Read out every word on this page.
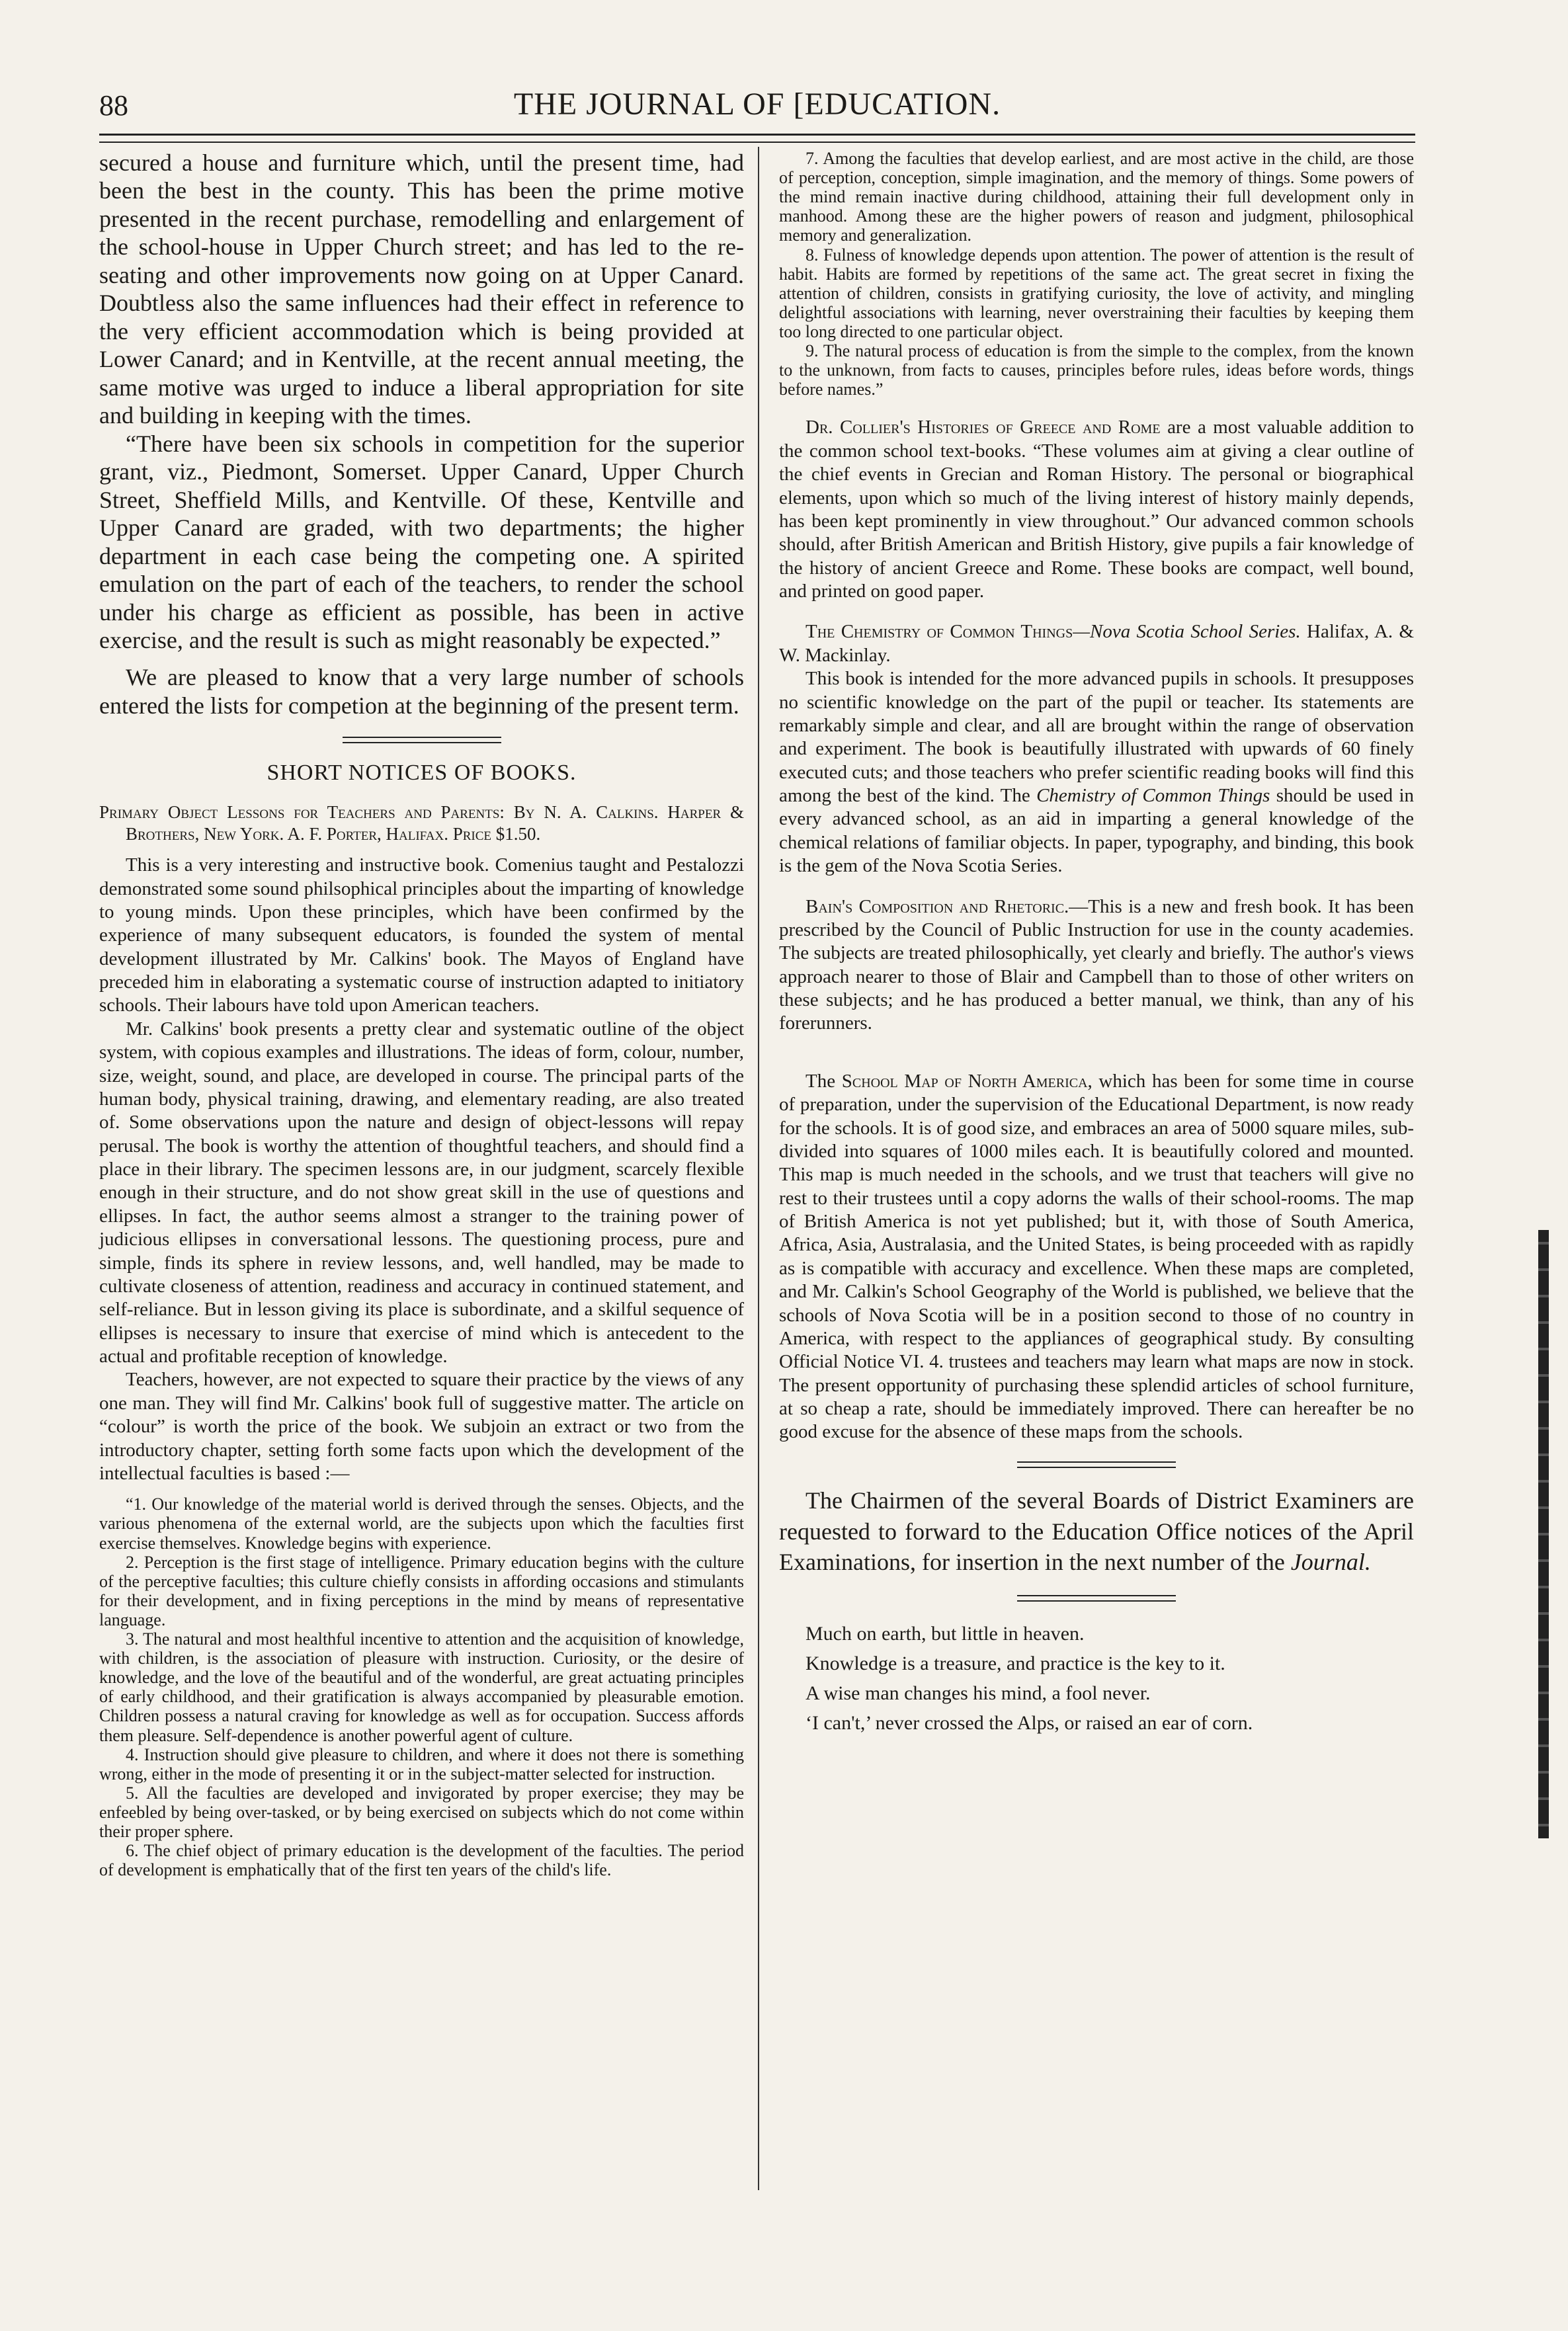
88	THE JOURNAL OF [EDUCATION.

secured a house and furniture which, until the present time, had been the best in the county. This has been the prime motive presented in the recent purchase, remodelling and enlargement of the school-house in Upper Church street; and has led to the re-seating and other improvements now going on at Upper Canard. Doubtless also the same influences had their effect in reference to the very efficient accommodation which is being provided at Lower Canard; and in Kentville, at the recent annual meeting, the same motive was urged to induce a liberal appropriation for site and building in keeping with the times.

“There have been six schools in competition for the superior grant, viz., Piedmont, Somerset. Upper Canard, Upper Church Street, Sheffield Mills, and Kentville. Of these, Kentville and Upper Canard are graded, with two departments; the higher department in each case being the competing one. A spirited emulation on the part of each of the teachers, to render the school under his charge as efficient as possible, has been in active exercise, and the result is such as might reasonably be expected.”

We are pleased to know that a very large number of schools entered the lists for competion at the beginning of the present term.

SHORT NOTICES OF BOOKS.

Primary Object Lessons for Teachers and Parents: By N. A. Calkins. Harper & Brothers, New York. A. F. Porter, Halifax. Price $1.50.

This is a very interesting and instructive book. Comenius taught and Pestalozzi demonstrated some sound philsophical principles about the imparting of knowledge to young minds. Upon these principles, which have been confirmed by the experience of many subsequent educators, is founded the system of mental development illustrated by Mr. Calkins' book. The Mayos of England have preceded him in elaborating a systematic course of instruction adapted to initiatory schools. Their labours have told upon American teachers.

Mr. Calkins' book presents a pretty clear and systematic outline of the object system, with copious examples and illustrations. The ideas of form, colour, number, size, weight, sound, and place, are developed in course. The principal parts of the human body, physical training, drawing, and elementary reading, are also treated of. Some observations upon the nature and design of object-lessons will repay perusal. The book is worthy the attention of thoughtful teachers, and should find a place in their library. The specimen lessons are, in our judgment, scarcely flexible enough in their structure, and do not show great skill in the use of questions and ellipses. In fact, the author seems almost a stranger to the training power of judicious ellipses in conversational lessons. The questioning process, pure and simple, finds its sphere in review lessons, and, well handled, may be made to cultivate closeness of attention, readiness and accuracy in continued statement, and self-reliance. But in lesson giving its place is subordinate, and a skilful sequence of ellipses is necessary to insure that exercise of mind which is antecedent to the actual and profitable reception of knowledge.

Teachers, however, are not expected to square their practice by the views of any one man. They will find Mr. Calkins' book full of suggestive matter. The article on “colour” is worth the price of the book. We subjoin an extract or two from the introductory chapter, setting forth some facts upon which the development of the intellectual faculties is based :—

“1. Our knowledge of the material world is derived through the senses. Objects, and the various phenomena of the external world, are the subjects upon which the faculties first exercise themselves. Knowledge begins with experience.

2. Perception is the first stage of intelligence. Primary education begins with the culture of the perceptive faculties; this culture chiefly consists in affording occasions and stimulants for their development, and in fixing perceptions in the mind by means of representative language.

3. The natural and most healthful incentive to attention and the acquisition of knowledge, with children, is the association of pleasure with instruction. Curiosity, or the desire of knowledge, and the love of the beautiful and of the wonderful, are great actuating principles of early childhood, and their gratification is always accompanied by pleasurable emotion. Children possess a natural craving for knowledge as well as for occupation. Success affords them pleasure. Self-dependence is another powerful agent of culture.

4. Instruction should give pleasure to children, and where it does not there is something wrong, either in the mode of presenting it or in the subject-matter selected for instruction.

5. All the faculties are developed and invigorated by proper exercise; they may be enfeebled by being over-tasked, or by being exercised on subjects which do not come within their proper sphere.

6. The chief object of primary education is the development of the faculties. The period of development is emphatically that of the first ten years of the child's life.

7. Among the faculties that develop earliest, and are most active in the child, are those of perception, conception, simple imagination, and the memory of things. Some powers of the mind remain inactive during childhood, attaining their full development only in manhood. Among these are the higher powers of reason and judgment, philosophical memory and generalization.

8. Fulness of knowledge depends upon attention. The power of attention is the result of habit. Habits are formed by repetitions of the same act. The great secret in fixing the attention of children, consists in gratifying curiosity, the love of activity, and mingling delightful associations with learning, never overstraining their faculties by keeping them too long directed to one particular object.

9. The natural process of education is from the simple to the complex, from the known to the unknown, from facts to causes, principles before rules, ideas before words, things before names.”

Dr. Collier's Histories of Greece and Rome are a most valuable addition to the common school text-books. “These volumes aim at giving a clear outline of the chief events in Grecian and Roman History. The personal or biographical elements, upon which so much of the living interest of history mainly depends, has been kept prominently in view throughout.” Our advanced common schools should, after British American and British History, give pupils a fair knowledge of the history of ancient Greece and Rome. These books are compact, well bound, and printed on good paper.

The Chemistry of Common Things—Nova Scotia School Series. Halifax, A. & W. Mackinlay.

This book is intended for the more advanced pupils in schools. It presupposes no scientific knowledge on the part of the pupil or teacher. Its statements are remarkably simple and clear, and all are brought within the range of observation and experiment. The book is beautifully illustrated with upwards of 60 finely executed cuts; and those teachers who prefer scientific reading books will find this among the best of the kind. The Chemistry of Common Things should be used in every advanced school, as an aid in imparting a general knowledge of the chemical relations of familiar objects. In paper, typography, and binding, this book is the gem of the Nova Scotia Series.

Bain's Composition and Rhetoric.—This is a new and fresh book. It has been prescribed by the Council of Public Instruction for use in the county academies. The subjects are treated philosophically, yet clearly and briefly. The author's views approach nearer to those of Blair and Campbell than to those of other writers on these subjects; and he has produced a better manual, we think, than any of his forerunners.

The School Map of North America, which has been for some time in course of preparation, under the supervision of the Educational Department, is now ready for the schools. It is of good size, and embraces an area of 5000 square miles, sub-divided into squares of 1000 miles each. It is beautifully colored and mounted. This map is much needed in the schools, and we trust that teachers will give no rest to their trustees until a copy adorns the walls of their school-rooms. The map of British America is not yet published; but it, with those of South America, Africa, Asia, Australasia, and the United States, is being proceeded with as rapidly as is compatible with accuracy and excellence. When these maps are completed, and Mr. Calkin's School Geography of the World is published, we believe that the schools of Nova Scotia will be in a position second to those of no country in America, with respect to the appliances of geographical study. By consulting Official Notice VI. 4. trustees and teachers may learn what maps are now in stock. The present opportunity of purchasing these splendid articles of school furniture, at so cheap a rate, should be immediately improved. There can hereafter be no good excuse for the absence of these maps from the schools.

The Chairmen of the several Boards of District Examiners are requested to forward to the Education Office notices of the April Examinations, for insertion in the next number of the Journal.

Much on earth, but little in heaven.

Knowledge is a treasure, and practice is the key to it.

A wise man changes his mind, a fool never.

‘I can't,’ never crossed the Alps, or raised an ear of corn.
